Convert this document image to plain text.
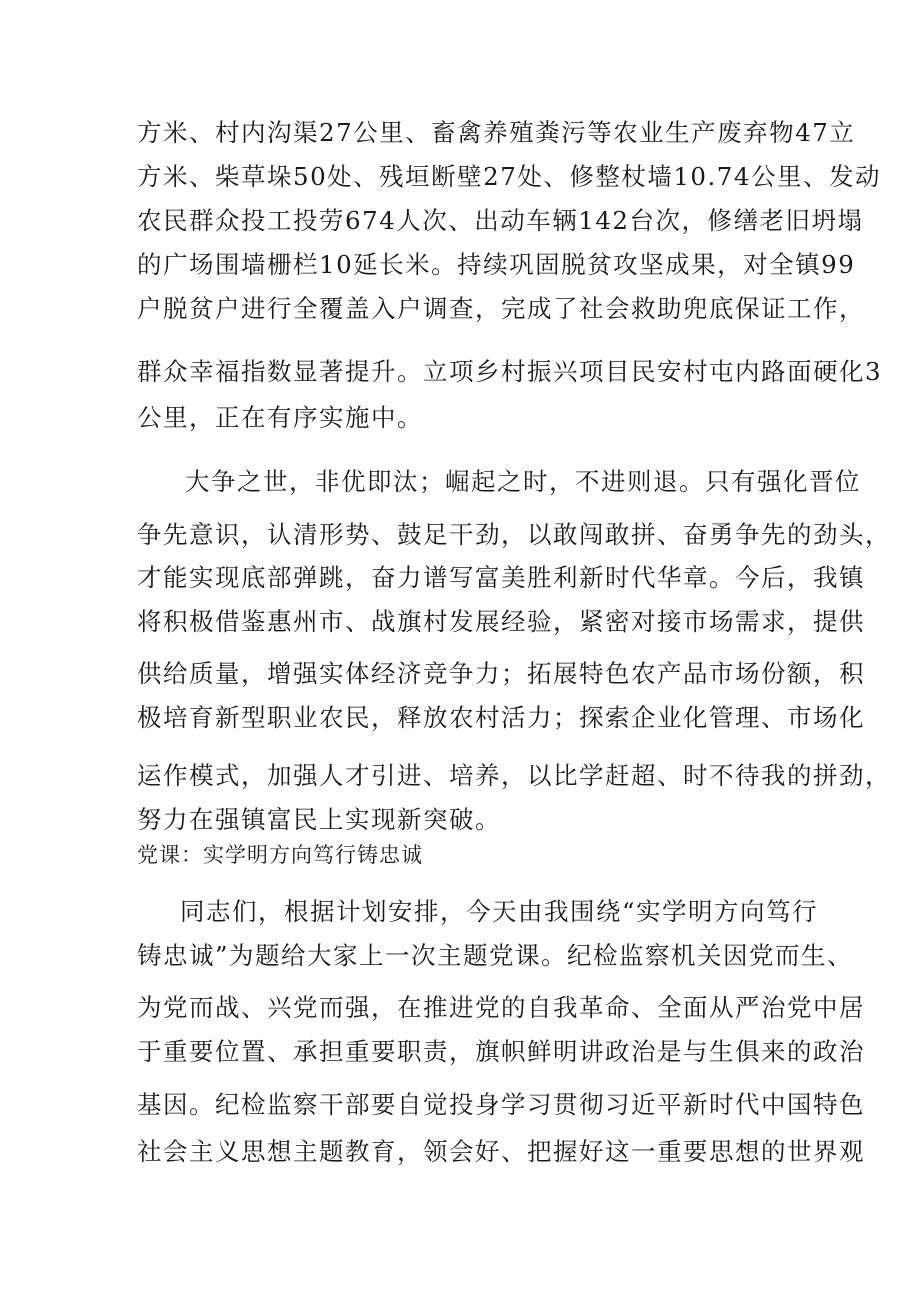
方米、村内沟渠27公里、畜禽养殖粪污等农业生产废弃物47立
方米、柴草垛50处、残垣断壁27处、修整杖墙10.74公里、发动
农民群众投工投劳674人次、出动车辆142台次，修缮老旧坍塌
的广场围墙栅栏10延长米。持续巩固脱贫攻坚成果，对全镇99
户脱贫户进行全覆盖入户调查，完成了社会救助兜底保证工作，
群众幸福指数显著提升。立项乡村振兴项目民安村屯内路面硬化3
公里，正在有序实施中。
大争之世，非优即汰；崛起之时，不进则退。只有强化晋位
争先意识，认清形势、鼓足干劲，以敢闯敢拼、奋勇争先的劲头，
才能实现底部弹跳，奋力谱写富美胜利新时代华章。今后，我镇
将积极借鉴惠州市、战旗村发展经验，紧密对接市场需求，提供
供给质量，增强实体经济竞争力；拓展特色农产品市场份额，积
极培育新型职业农民，释放农村活力；探索企业化管理、市场化
运作模式，加强人才引进、培养，以比学赶超、时不待我的拼劲，
努力在强镇富民上实现新突破。
党课：实学明方向笃行铸忠诚
同志们，根据计划安排，今天由我围绕“实学明方向笃行
铸忠诚”为题给大家上一次主题党课。纪检监察机关因党而生、
为党而战、兴党而强，在推进党的自我革命、全面从严治党中居
于重要位置、承担重要职责，旗帜鲜明讲政治是与生俱来的政治
基因。纪检监察干部要自觉投身学习贯彻习近平新时代中国特色
社会主义思想主题教育，领会好、把握好这一重要思想的世界观
